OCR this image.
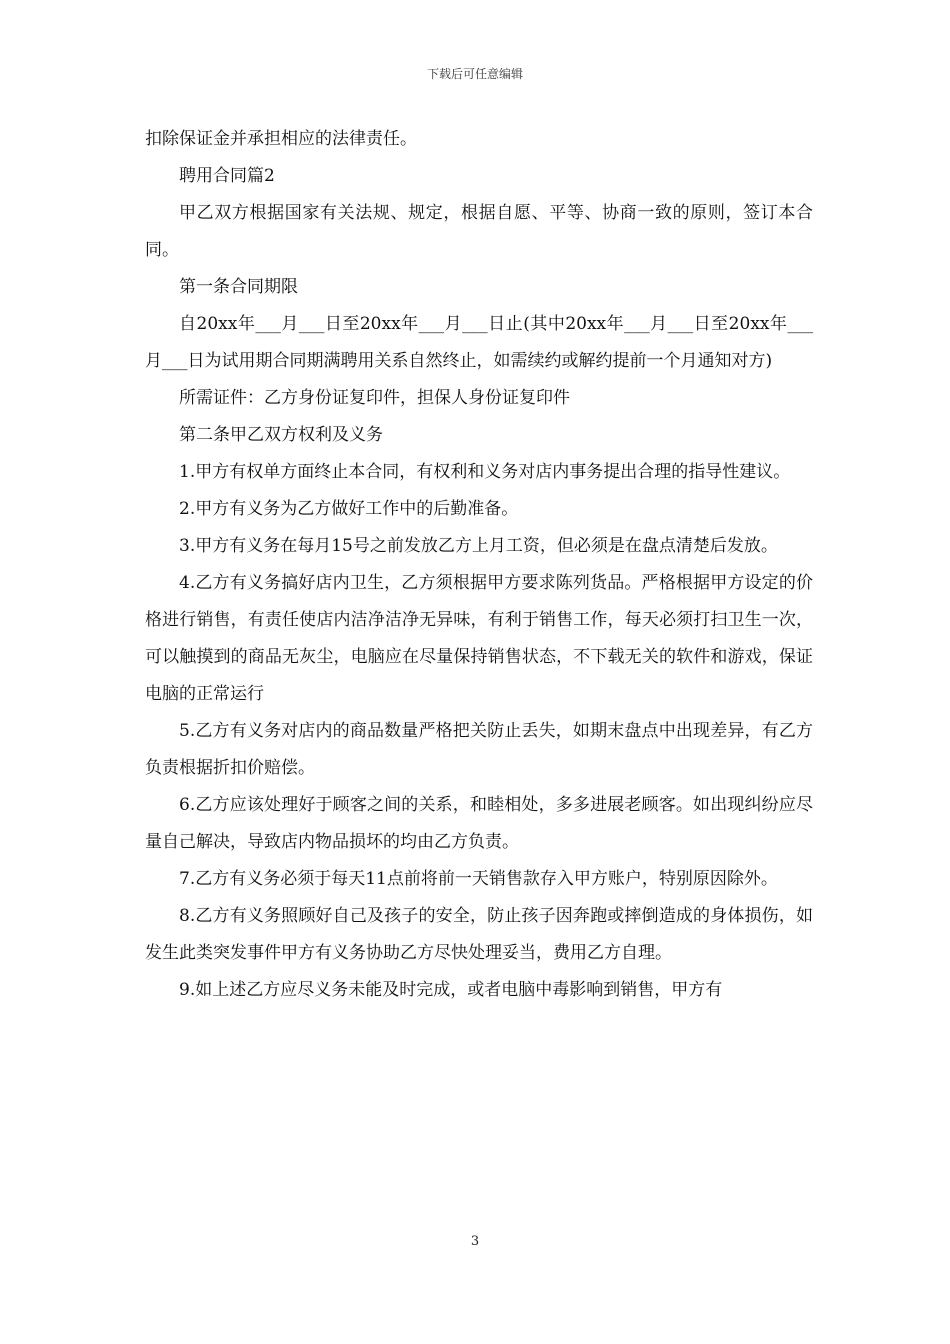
下载后可任意编辑

扣除保证金并承担相应的法律责任。

聘用合同篇2

甲乙双方根据国家有关法规、规定，根据自愿、平等、协商一致的原则，签订本合同。

第一条合同期限

自20xx年___月___日至20xx年___月___日止(其中20xx年___月___日至20xx年___月___日为试用期合同期满聘用关系自然终止，如需续约或解约提前一个月通知对方)

所需证件：乙方身份证复印件，担保人身份证复印件

第二条甲乙双方权利及义务

1.甲方有权单方面终止本合同，有权利和义务对店内事务提出合理的指导性建议。

2.甲方有义务为乙方做好工作中的后勤准备。

3.甲方有义务在每月15号之前发放乙方上月工资，但必须是在盘点清楚后发放。

4.乙方有义务搞好店内卫生，乙方须根据甲方要求陈列货品。严格根据甲方设定的价格进行销售，有责任使店内洁净洁净无异味，有利于销售工作，每天必须打扫卫生一次，可以触摸到的商品无灰尘，电脑应在尽量保持销售状态，不下载无关的软件和游戏，保证电脑的正常运行

5.乙方有义务对店内的商品数量严格把关防止丢失，如期末盘点中出现差异，有乙方负责根据折扣价赔偿。

6.乙方应该处理好于顾客之间的关系，和睦相处，多多进展老顾客。如出现纠纷应尽量自己解决，导致店内物品损坏的均由乙方负责。

7.乙方有义务必须于每天11点前将前一天销售款存入甲方账户，特别原因除外。

8.乙方有义务照顾好自己及孩子的安全，防止孩子因奔跑或摔倒造成的身体损伤，如发生此类突发事件甲方有义务协助乙方尽快处理妥当，费用乙方自理。

9.如上述乙方应尽义务未能及时完成，或者电脑中毒影响到销售，甲方有

3
